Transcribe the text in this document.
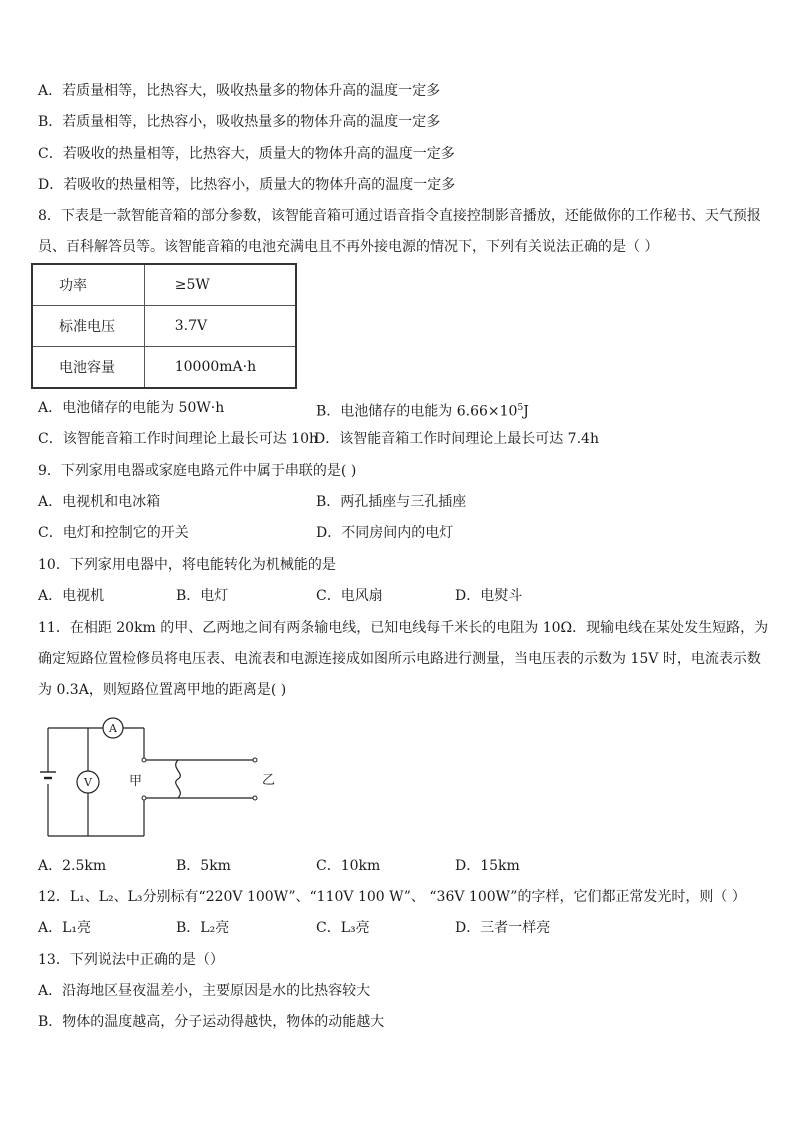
A．若质量相等，比热容大，吸收热量多的物体升高的温度一定多
B．若质量相等，比热容小，吸收热量多的物体升高的温度一定多
C．若吸收的热量相等，比热容大，质量大的物体升高的温度一定多
D．若吸收的热量相等，比热容小，质量大的物体升高的温度一定多
8．下表是一款智能音箱的部分参数，该智能音箱可通过语音指令直接控制影音播放，还能做你的工作秘书、天气预报
员、百科解答员等。该智能音箱的电池充满电且不再外接电源的情况下，下列有关说法正确的是（ ）
功率	≥5W
标准电压	3.7V
电池容量	10000mA·h
A．电池储存的电能为 50W·h	B．电池储存的电能为 $6.66\times 10^5J$
C．该智能音箱工作时间理论上最长可达 10h
D．该智能音箱工作时间理论上最长可达 7.4h
9．下列家用电器或家庭电路元件中属于串联的是( )
A．电视机和电冰箱	B．两孔插座与三孔插座
C．电灯和控制它的开关	D．不同房间内的电灯
10．下列家用电器中，将电能转化为机械能的是
A．电视机	B．电灯	C．电风扇	D．电熨斗
11．在相距 20km 的甲、乙两地之间有两条输电线，已知电线每千米长的电阻为 10Ω．现输电线在某处发生短路，为
确定短路位置检修员将电压表、电流表和电源连接成如图所示电路进行测量，当电压表的示数为 15V 时，电流表示数
为 0.3A，则短路位置离甲地的距离是( )
A
V	甲	乙
A．2.5km	B．5km	C．10km	D．15km
12．L₁、L₂、L₃分别标有“220V 100W”、“110V 100 W”、 “36V 100W”的字样，它们都正常发光时，则（ ）
A．L₁亮	B．L₂亮	C．L₃亮	D．三者一样亮
13．下列说法中正确的是（）
A．沿海地区昼夜温差小，主要原因是水的比热容较大
B．物体的温度越高，分子运动得越快，物体的动能越大
